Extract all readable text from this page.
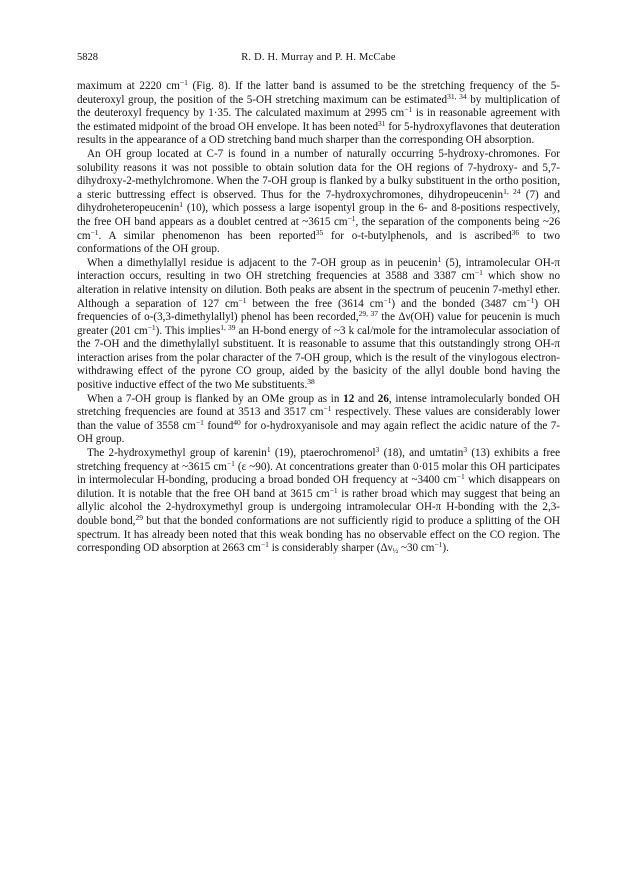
5828	R. D. H. Murray and P. H. McCabe

maximum at 2220 $cm^{-1}$ (Fig. 8). If the latter band is assumed to be the stretching frequency of the 5-deuteroxyl group, the position of the 5-OH stretching maximum can be estimated$^{31, 34}$ by multiplication of the deuteroxyl frequency by 1·35. The calculated maximum at 2995 $cm^{-1}$ is in reasonable agreement with the estimated midpoint of the broad OH envelope. It has been noted$^{31}$ for 5-hydroxyflavones that deuteration results in the appearance of a OD stretching band much sharper than the corresponding OH absorption.

An OH group located at C-7 is found in a number of naturally occurring 5-hydroxy-chromones. For solubility reasons it was not possible to obtain solution data for the OH regions of 7-hydroxy- and 5,7-dihydroxy-2-methylchromone. When the 7-OH group is flanked by a bulky substituent in the ortho position, a steric buttressing effect is observed. Thus for the 7-hydroxychromones, dihydropeucenin$^{1, 24}$ (7) and dihydroheteropeucenin$^1$ (10), which possess a large isopentyl group in the 6- and 8-positions respectively, the free OH band appears as a doublet centred at ~3615 $cm^{-1}$, the separation of the components being ~26 $cm^{-1}$. A similar phenomenon has been reported$^{35}$ for o-t-butylphenols, and is ascribed$^{36}$ to two conformations of the OH group.

When a dimethylallyl residue is adjacent to the 7-OH group as in peucenin$^1$ (5), intramolecular OH-π interaction occurs, resulting in two OH stretching frequencies at 3588 and 3387 $cm^{-1}$ which show no alteration in relative intensity on dilution. Both peaks are absent in the spectrum of peucenin 7-methyl ether. Although a separation of 127 $cm^{-1}$ between the free (3614 $cm^{-1}$) and the bonded (3487 $cm^{-1}$) OH frequencies of o-(3,3-dimethylallyl) phenol has been recorded,$^{29, 37}$ the Δν(OH) value for peucenin is much greater (201 $cm^{-1}$). This implies$^{1, 39}$ an H-bond energy of ~3 k cal/mole for the intramolecular association of the 7-OH and the dimethylallyl substituent. It is reasonable to assume that this outstandingly strong OH-π interaction arises from the polar character of the 7-OH group, which is the result of the vinylogous electron-withdrawing effect of the pyrone CO group, aided by the basicity of the allyl double bond having the positive inductive effect of the two Me substituents.$^{38}$

When a 7-OH group is flanked by an OMe group as in 12 and 26, intense intramolecularly bonded OH stretching frequencies are found at 3513 and 3517 $cm^{-1}$ respectively. These values are considerably lower than the value of 3558 $cm^{-1}$ found$^{40}$ for o-hydroxyanisole and may again reflect the acidic nature of the 7-OH group.

The 2-hydroxymethyl group of karenin$^1$ (19), ptaerochromenol$^3$ (18), and umtatin$^3$ (13) exhibits a free stretching frequency at ~3615 $cm^{-1}$ (ε ~90). At concentrations greater than 0·015 molar this OH participates in intermolecular H-bonding, producing a broad bonded OH frequency at ~3400 $cm^{-1}$ which disappears on dilution. It is notable that the free OH band at 3615 $cm^{-1}$ is rather broad which may suggest that being an allylic alcohol the 2-hydroxymethyl group is undergoing intramolecular OH-π H-bonding with the 2,3-double bond,$^{29}$ but that the bonded conformations are not sufficiently rigid to produce a splitting of the OH spectrum. It has already been noted that this weak bonding has no observable effect on the CO region. The corresponding OD absorption at 2663 $cm^{-1}$ is considerably sharper ($\Delta\nu_{\frac{1}{2}}$ ~30 $cm^{-1}$).
